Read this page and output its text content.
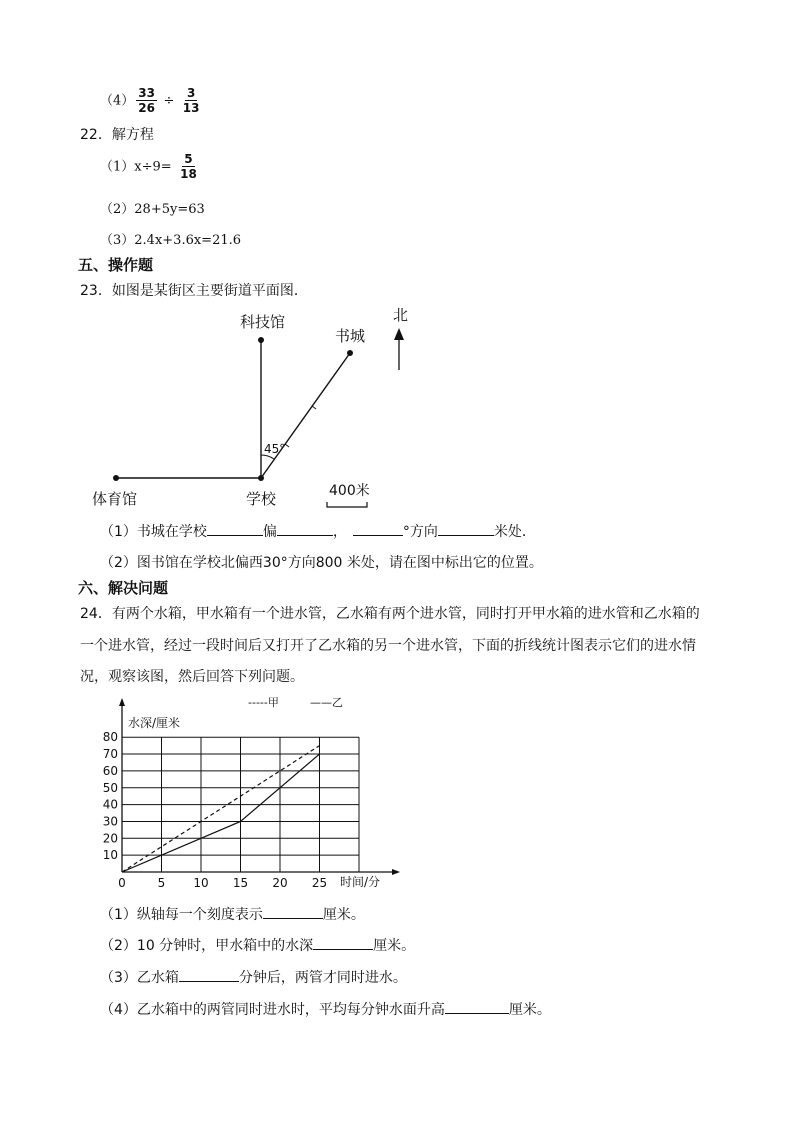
$(4) \frac{33}{26} \div \frac{3}{13}$
22．解方程
$(1)x\div 9= \frac{5}{18}$
（2）28+5y=63
（3）2.4x+3.6x=21.6
五、操作题
23．如图是某街区主要街道平面图．
45°
科技馆
书城
体育馆	学校
北
400米
（1）书城在学校	偏	，	°方向	米处．
（2）图书馆在学校北偏西30°方向800 米处，请在图中标出它的位置。
六、解决问题
24．有两个水箱，甲水箱有一个进水管，乙水箱有两个进水管，同时打开甲水箱的进水管和乙水箱的
一个进水管，经过一段时间后又打开了乙水箱的另一个进水管，下面的折线统计图表示它们的进水情
况，观察该图，然后回答下列问题。
10
20
30
40
50
60
70
80
0	5 10 15 20 25
-----甲	——乙
水深/厘米
时间/分
（1）纵轴每一个刻度表示	厘米。
（2）10 分钟时，甲水箱中的水深	厘米。
（3）乙水箱	分钟后，两管才同时进水。
（4）乙水箱中的两管同时进水时，平均每分钟水面升高	厘米。
